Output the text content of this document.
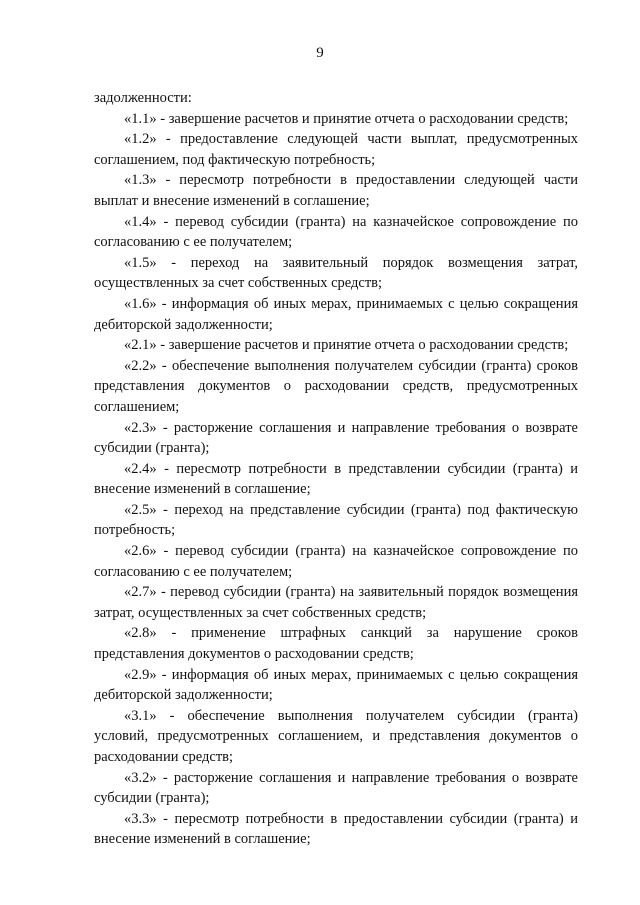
9

задолженности:

«1.1» - завершение расчетов и принятие отчета о расходовании средств;

«1.2» - предоставление следующей части выплат, предусмотренных соглашением, под фактическую потребность;

«1.3» - пересмотр потребности в предоставлении следующей части выплат и внесение изменений в соглашение;

«1.4» - перевод субсидии (гранта) на казначейское сопровождение по согласованию с ее получателем;

«1.5» - переход на заявительный порядок возмещения затрат, осуществленных за счет собственных средств;

«1.6» - информация об иных мерах, принимаемых с целью сокращения дебиторской задолженности;

«2.1» - завершение расчетов и принятие отчета о расходовании средств;

«2.2» - обеспечение выполнения получателем субсидии (гранта) сроков представления документов о расходовании средств, предусмотренных соглашением;

«2.3» - расторжение соглашения и направление требования о возврате субсидии (гранта);

«2.4» - пересмотр потребности в представлении субсидии (гранта) и внесение изменений в соглашение;

«2.5» - переход на представление субсидии (гранта) под фактическую потребность;

«2.6» - перевод субсидии (гранта) на казначейское сопровождение по согласованию с ее получателем;

«2.7» - перевод субсидии (гранта) на заявительный порядок возмещения затрат, осуществленных за счет собственных средств;

«2.8» - применение штрафных санкций за нарушение сроков представления документов о расходовании средств;

«2.9» - информация об иных мерах, принимаемых с целью сокращения дебиторской задолженности;

«3.1» - обеспечение выполнения получателем субсидии (гранта) условий, предусмотренных соглашением, и представления документов о расходовании средств;

«3.2» - расторжение соглашения и направление требования о возврате субсидии (гранта);

«3.3» - пересмотр потребности в предоставлении субсидии (гранта) и внесение изменений в соглашение;
